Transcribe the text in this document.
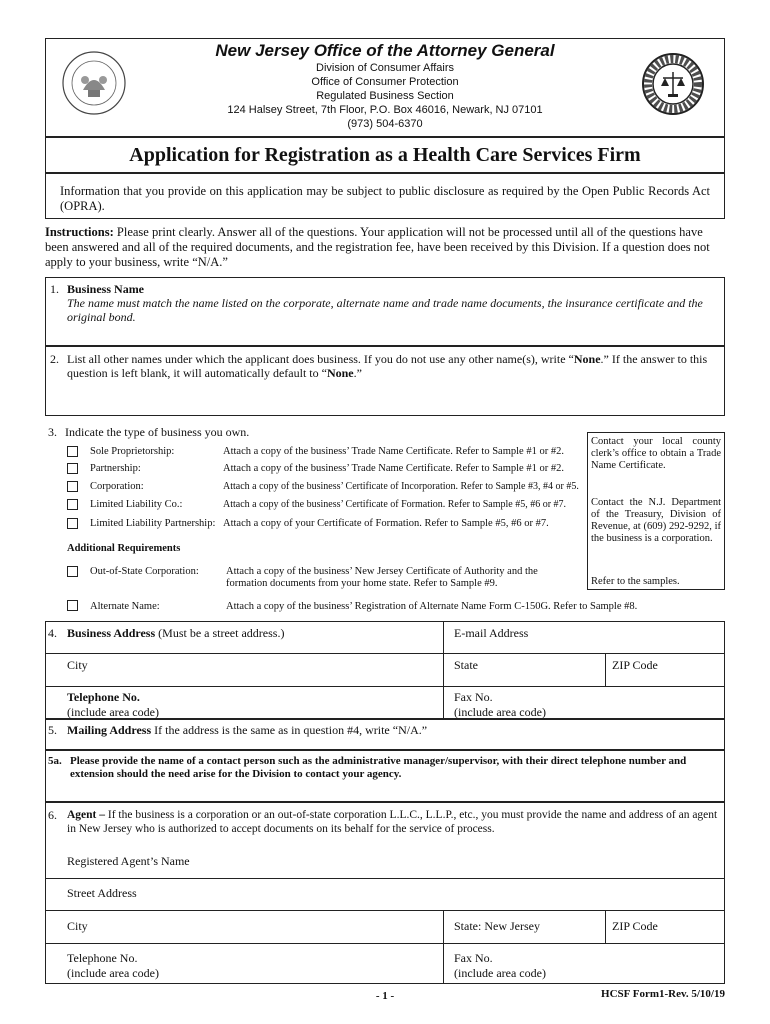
New Jersey Office of the Attorney General
Division of Consumer Affairs
Office of Consumer Protection
Regulated Business Section
124 Halsey Street, 7th Floor, P.O. Box 46016, Newark, NJ 07101
(973) 504-6370
Application for Registration as a Health Care Services Firm
Information that you provide on this application may be subject to public disclosure as required by the Open Public Records Act (OPRA).
Instructions: Please print clearly. Answer all of the questions. Your application will not be processed until all of the questions have been answered and all of the required documents, and the registration fee, have been received by this Division. If a question does not apply to your business, write “N/A.”
1. Business Name
The name must match the name listed on the corporate, alternate name and trade name documents, the insurance certificate and the original bond.
2. List all other names under which the applicant does business. If you do not use any other name(s), write “None.” If the answer to this question is left blank, it will automatically default to “None.”
3. Indicate the type of business you own.
Contact your local county clerk’s office to obtain a Trade Name Certificate.
Contact the N.J. Department of the Treasury, Division of Revenue, at (609) 292-9292, if the business is a corporation.
Refer to the samples.
Sole Proprietorship:	Attach a copy of the business’ Trade Name Certificate. Refer to Sample #1 or #2.
Partnership:	Attach a copy of the business’ Trade Name Certificate. Refer to Sample #1 or #2.
Corporation:	Attach a copy of the business’ Certificate of Incorporation. Refer to Sample #3, #4 or #5.
Limited Liability Co.:	Attach a copy of the business’ Certificate of Formation. Refer to Sample #5, #6 or #7.
Limited Liability Partnership: Attach a copy of your Certificate of Formation. Refer to Sample #5, #6 or #7.
Additional Requirements
Out-of-State Corporation:	Attach a copy of the business’ New Jersey Certificate of Authority and the formation documents from your home state. Refer to Sample #9.
Alternate Name:	Attach a copy of the business’ Registration of Alternate Name Form C-150G. Refer to Sample #8.
4. Business Address (Must be a street address.)	E-mail Address
City	State	ZIP Code
Telephone No.
(include area code)
Fax No.
(include area code)
5. Mailing Address If the address is the same as in question #4, write “N/A.”
5a. Please provide the name of a contact person such as the administrative manager/supervisor, with their direct telephone number and extension should the need arise for the Division to contact your agency.
6. Agent – If the business is a corporation or an out-of-state corporation L.L.C., L.L.P., etc., you must provide the name and address of an agent in New Jersey who is authorized to accept documents on its behalf for the service of process.
Registered Agent’s Name
Street Address
City	State: New Jersey	ZIP Code
Telephone No.
(include area code)
Fax No.
(include area code)
- 1 -	HCSF Form1-Rev. 5/10/19
